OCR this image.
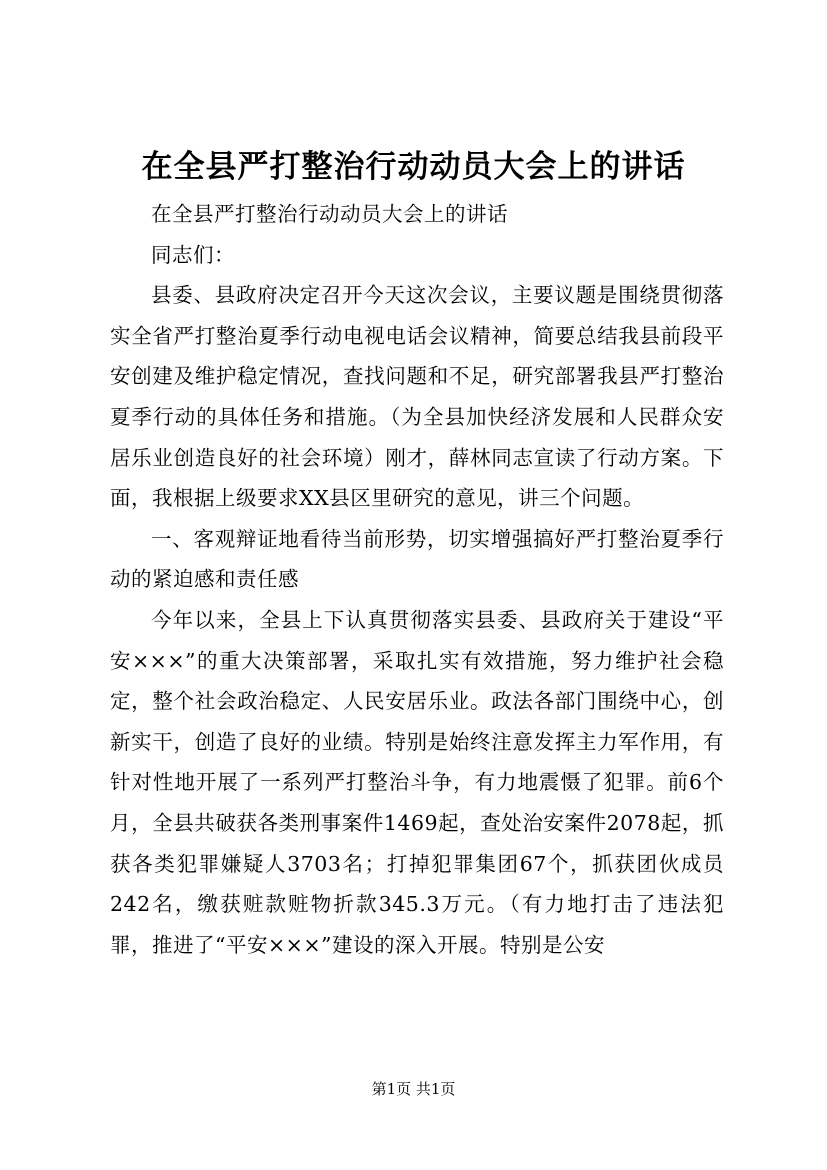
在全县严打整治行动动员大会上的讲话

在全县严打整治行动动员大会上的讲话

同志们：

县委、县政府决定召开今天这次会议，主要议题是围绕贯彻落实全省严打整治夏季行动电视电话会议精神，简要总结我县前段平安创建及维护稳定情况，查找问题和不足，研究部署我县严打整治夏季行动的具体任务和措施。（为全县加快经济发展和人民群众安居乐业创造良好的社会环境）刚才，薛林同志宣读了行动方案。下面，我根据上级要求XX县区里研究的意见，讲三个问题。

一、客观辩证地看待当前形势，切实增强搞好严打整治夏季行动的紧迫感和责任感

今年以来，全县上下认真贯彻落实县委、县政府关于建设“平安×××”的重大决策部署，采取扎实有效措施，努力维护社会稳定，整个社会政治稳定、人民安居乐业。政法各部门围绕中心，创新实干，创造了良好的业绩。特别是始终注意发挥主力军作用，有针对性地开展了一系列严打整治斗争，有力地震慑了犯罪。前6个月，全县共破获各类刑事案件1469起，查处治安案件2078起，抓获各类犯罪嫌疑人3703名；打掉犯罪集团67个，抓获团伙成员242名，缴获赃款赃物折款345.3万元。（有力地打击了违法犯罪，推进了“平安×××”建设的深入开展。特别是公安

第1页 共1页
